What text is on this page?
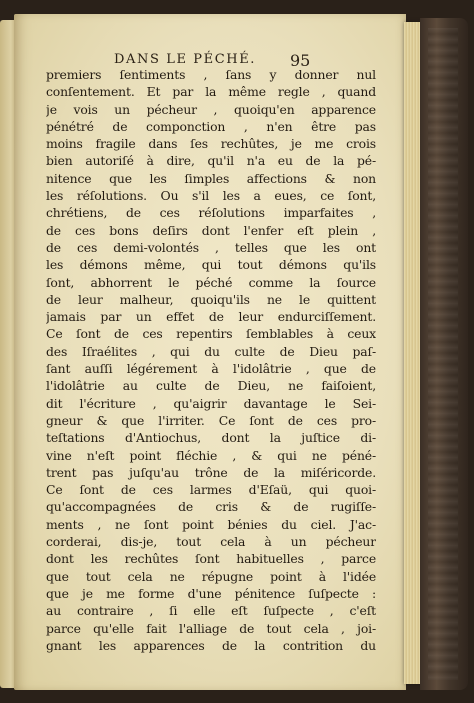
DANS LE PÉCHÉ. 95
premiers ſentiments , ſans y donner nul
conſentement. Et par la même regle , quand
je vois un pécheur , quoiqu'en apparence
pénétré de componction , n'en être pas
moins fragile dans ſes rechûtes, je me crois
bien autoriſé à dire, qu'il n'a eu de la pé-
nitence que les ſimples affections & non
les réſolutions. Ou s'il les a eues, ce ſont,
chrétiens, de ces réſolutions imparfaites ,
de ces bons deſirs dont l'enfer eſt plein ,
de ces demi-volontés , telles que les ont
les démons même, qui tout démons qu'ils
ſont, abhorrent le péché comme la ſource
de leur malheur, quoiqu'ils ne le quittent
jamais par un effet de leur endurciſſement.
Ce ſont de ces repentirs ſemblables à ceux
des Iſraélites , qui du culte de Dieu paſ-
ſant auſſi légérement à l'idolâtrie , que de
l'idolâtrie au culte de Dieu, ne faiſoient,
dit l'écriture , qu'aigrir davantage le Sei-
gneur & que l'irriter. Ce ſont de ces pro-
teſtations d'Antiochus, dont la juſtice di-
vine n'eſt point fléchie , & qui ne péné-
trent pas juſqu'au trône de la miſéricorde.
Ce ſont de ces larmes d'Eſaü, qui quoi-
qu'accompagnées de cris & de rugiſſe-
ments , ne ſont point bénies du ciel. J'ac-
corderai, dis-je, tout cela à un pécheur
dont les rechûtes ſont habituelles , parce
que tout cela ne répugne point à l'idée
que je me forme d'une pénitence ſuſpecte :
au contraire , ſi elle eſt ſuſpecte , c'eſt
parce qu'elle fait l'alliage de tout cela , joi-
gnant les apparences de la contrition du
